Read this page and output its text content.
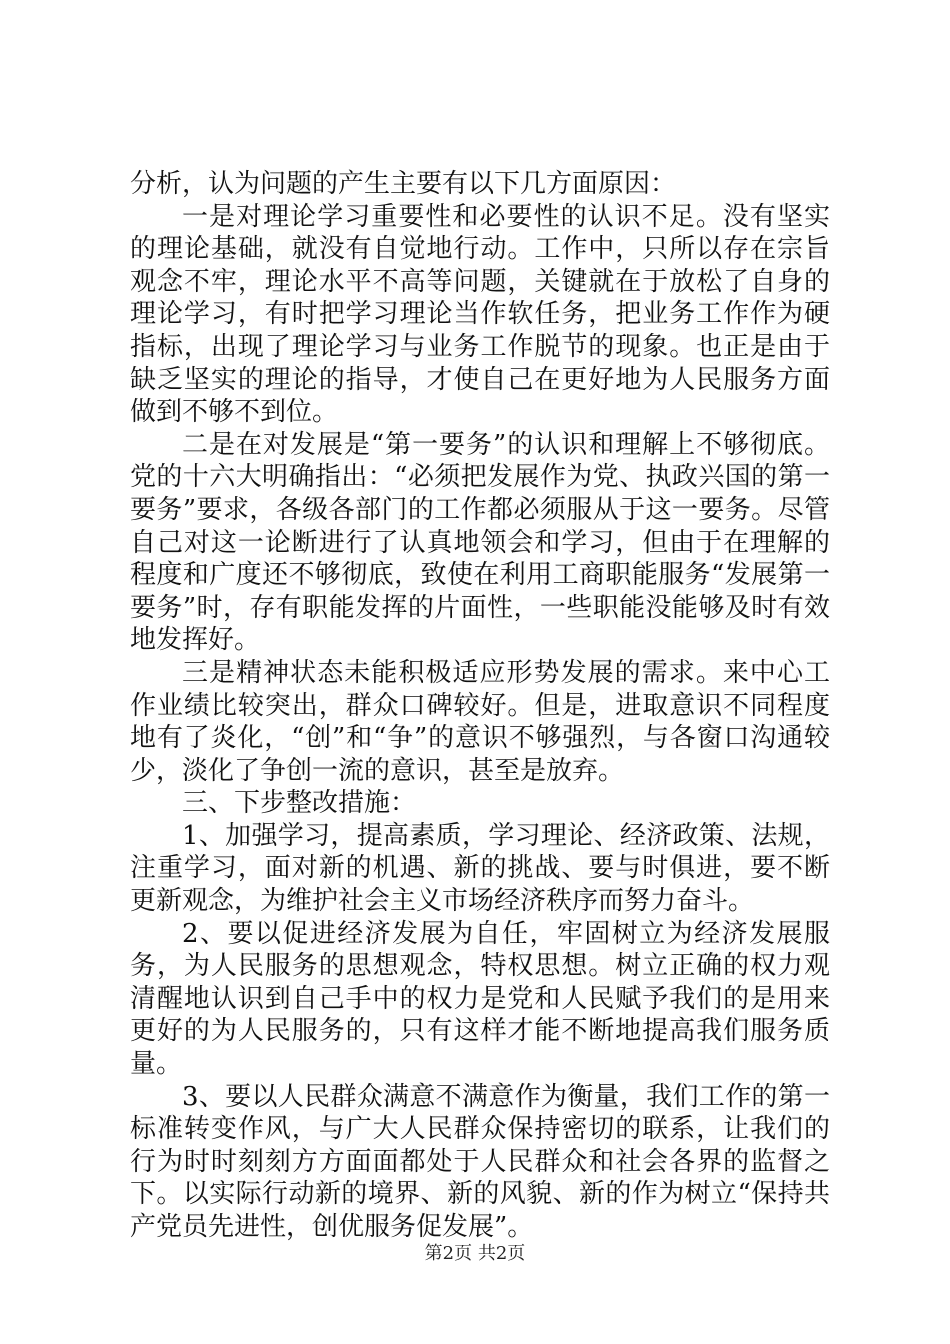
分析，认为问题的产生主要有以下几方面原因：

一是对理论学习重要性和必要性的认识不足。没有坚实的理论基础，就没有自觉地行动。工作中，只所以存在宗旨观念不牢，理论水平不高等问题，关键就在于放松了自身的理论学习，有时把学习理论当作软任务，把业务工作作为硬指标，出现了理论学习与业务工作脱节的现象。也正是由于缺乏坚实的理论的指导，才使自己在更好地为人民服务方面做到不够不到位。

二是在对发展是“第一要务”的认识和理解上不够彻底。党的十六大明确指出：“必须把发展作为党、执政兴国的第一要务”要求，各级各部门的工作都必须服从于这一要务。尽管自己对这一论断进行了认真地领会和学习，但由于在理解的程度和广度还不够彻底，致使在利用工商职能服务“发展第一要务”时，存有职能发挥的片面性，一些职能没能够及时有效地发挥好。

三是精神状态未能积极适应形势发展的需求。来中心工作业绩比较突出，群众口碑较好。但是，进取意识不同程度地有了炎化，“创”和“争”的意识不够强烈，与各窗口沟通较少，淡化了争创一流的意识，甚至是放弃。

三、下步整改措施：

1、加强学习，提高素质，学习理论、经济政策、法规，注重学习，面对新的机遇、新的挑战、要与时俱进，要不断更新观念，为维护社会主义市场经济秩序而努力奋斗。

2、要以促进经济发展为自任，牢固树立为经济发展服务，为人民服务的思想观念，特权思想。树立正确的权力观清醒地认识到自己手中的权力是党和人民赋予我们的是用来更好的为人民服务的，只有这样才能不断地提高我们服务质量。

3、要以人民群众满意不满意作为衡量，我们工作的第一标准转变作风，与广大人民群众保持密切的联系，让我们的行为时时刻刻方方面面都处于人民群众和社会各界的监督之下。以实际行动新的境界、新的风貌、新的作为树立“保持共产党员先进性，创优服务促发展”。

第2页 共2页
